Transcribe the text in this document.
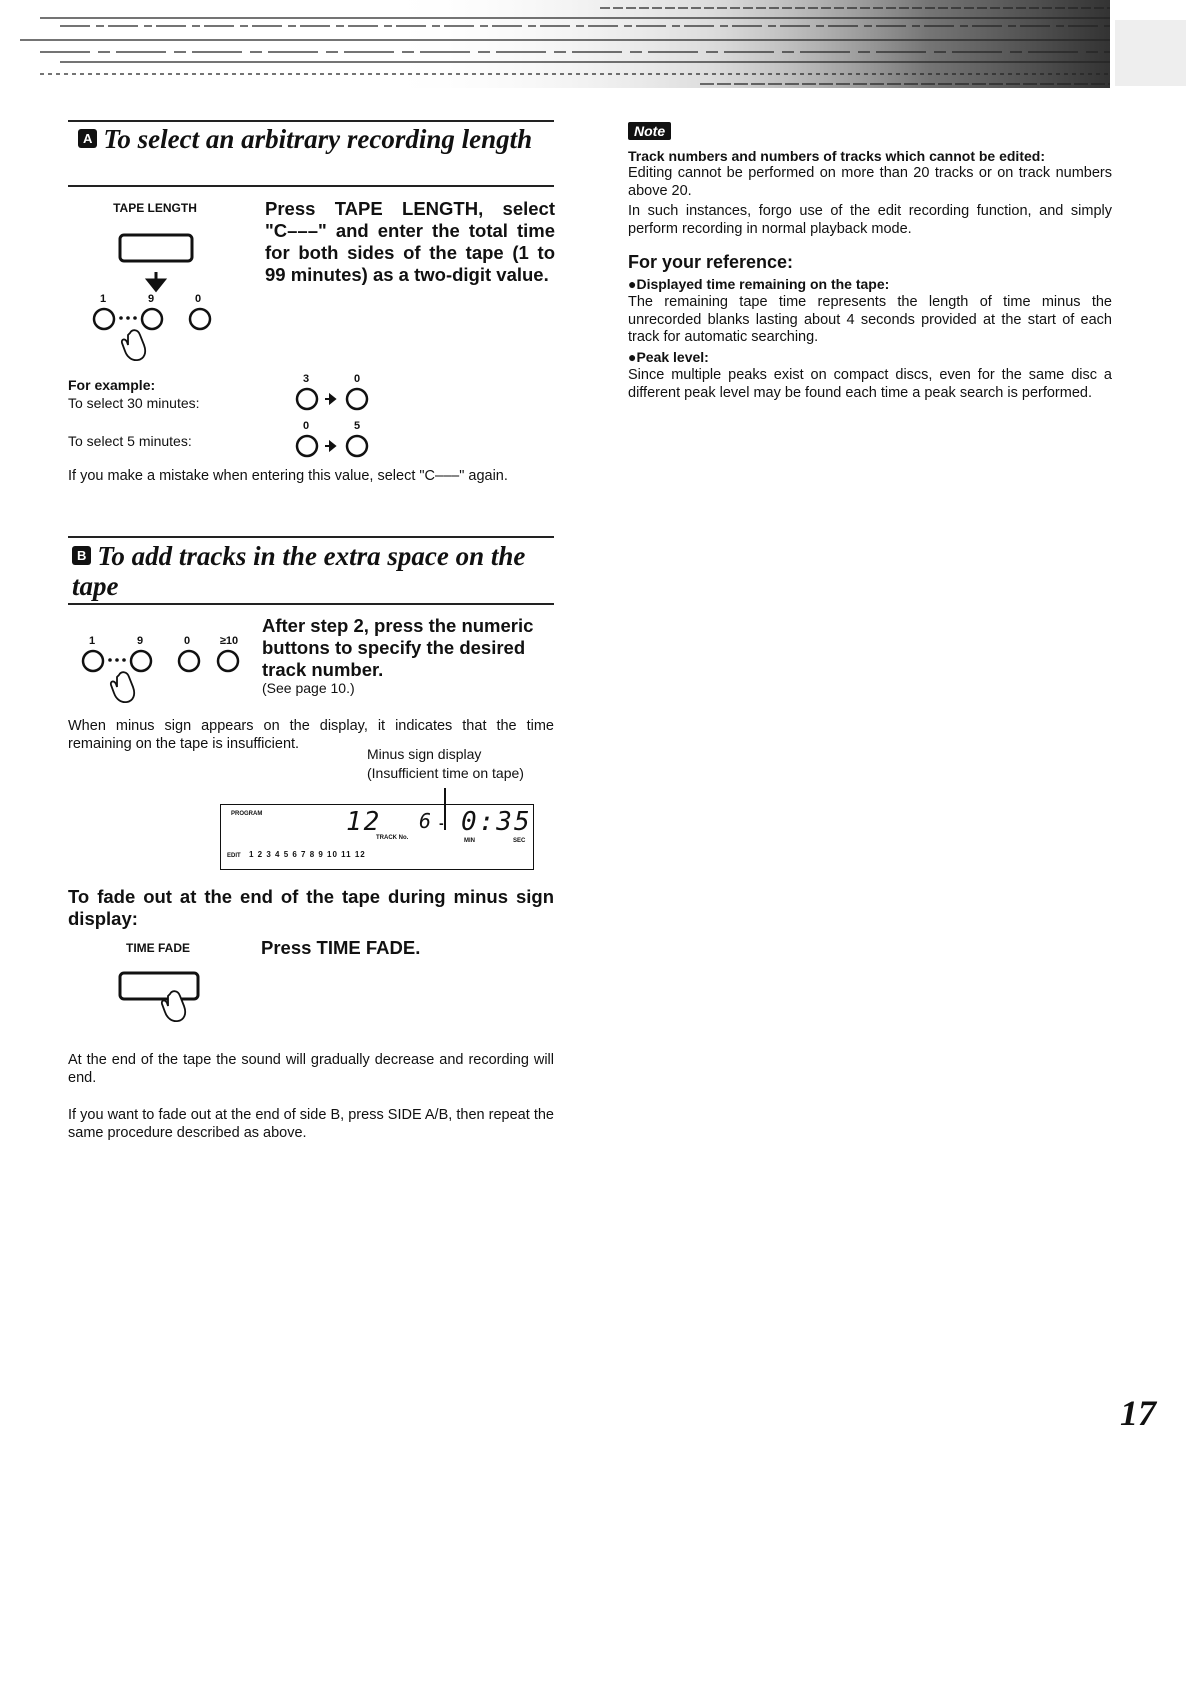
A To select an arbitrary recording length
TAPE LENGTH
1	9	0
Press TAPE LENGTH, select "C–––" and enter the total time for both sides of the tape (1 to 99 minutes) as a two-digit value.
For example:
To select 30 minutes:
3	0
To select 5 minutes:
0	5
If you make a mistake when entering this value, select "C–––" again.
B To add tracks in the extra space on the tape
1	9	0	≥10
After step 2, press the numeric buttons to specify the desired track number.
(See page 10.)
When minus sign appears on the display, it indicates that the time remaining on the tape is insufficient.
Minus sign display
(Insufficient time on tape)
PROGRAM	12
TRACK No.
6 - 0:35
MIN	SEC
EDIT 1 2 3 4 5 6 7 8 9 10 11 12
To fade out at the end of the tape during minus sign display:
TIME FADE	Press TIME FADE.
At the end of the tape the sound will gradually decrease and recording will end.
If you want to fade out at the end of side B, press SIDE A/B, then repeat the same procedure described as above.
Note
Track numbers and numbers of tracks which cannot be edited:
Editing cannot be performed on more than 20 tracks or on track numbers above 20.
In such instances, forgo use of the edit recording function, and simply perform recording in normal playback mode.
For your reference:
●Displayed time remaining on the tape:
The remaining tape time represents the length of time minus the unrecorded blanks lasting about 4 seconds provided at the start of each track for automatic searching.
●Peak level:
Since multiple peaks exist on compact discs, even for the same disc a different peak level may be found each time a peak search is performed.
17
